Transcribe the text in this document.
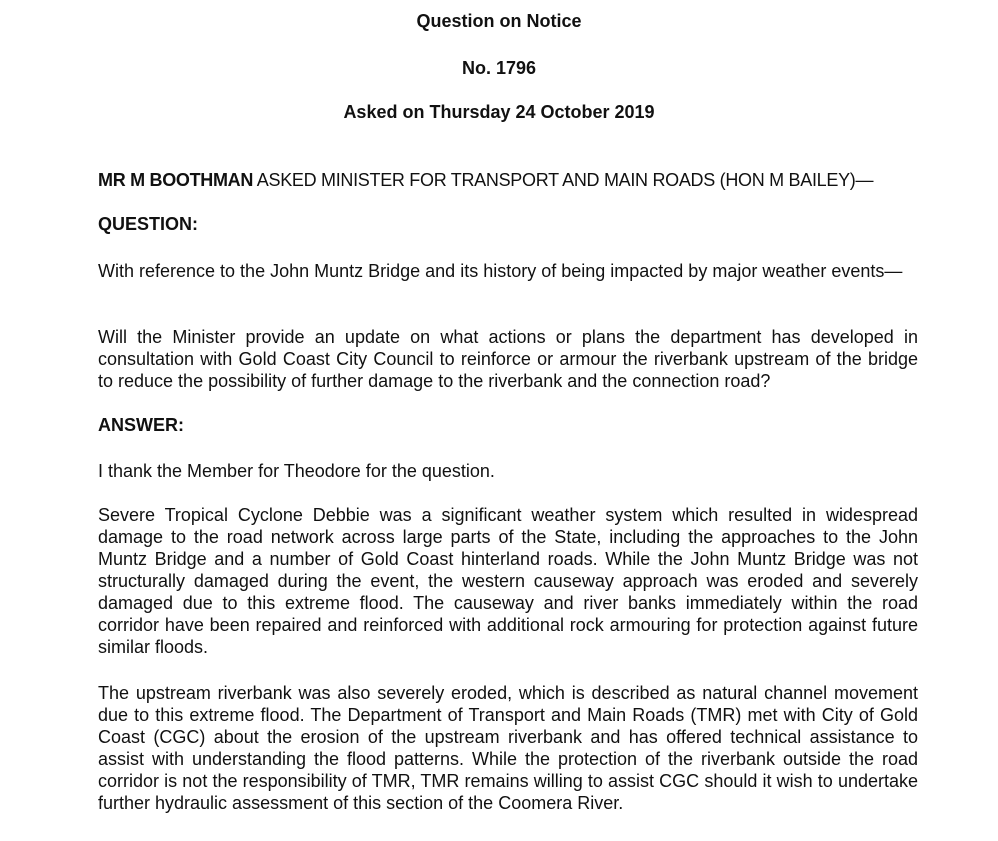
Question on Notice
No. 1796
Asked on Thursday 24 October 2019
MR M BOOTHMAN ASKED MINISTER FOR TRANSPORT AND MAIN ROADS (HON M BAILEY)—
QUESTION:
With reference to the John Muntz Bridge and its history of being impacted by major weather events—
Will the Minister provide an update on what actions or plans the department has developed in consultation with Gold Coast City Council to reinforce or armour the riverbank upstream of the bridge to reduce the possibility of further damage to the riverbank and the connection road?
ANSWER:
I thank the Member for Theodore for the question.
Severe Tropical Cyclone Debbie was a significant weather system which resulted in widespread damage to the road network across large parts of the State, including the approaches to the John Muntz Bridge and a number of Gold Coast hinterland roads. While the John Muntz Bridge was not structurally damaged during the event, the western causeway approach was eroded and severely damaged due to this extreme flood. The causeway and river banks immediately within the road corridor have been repaired and reinforced with additional rock armouring for protection against future similar floods.
The upstream riverbank was also severely eroded, which is described as natural channel movement due to this extreme flood. The Department of Transport and Main Roads (TMR) met with City of Gold Coast (CGC) about the erosion of the upstream riverbank and has offered technical assistance to assist with understanding the flood patterns. While the protection of the riverbank outside the road corridor is not the responsibility of TMR, TMR remains willing to assist CGC should it wish to undertake further hydraulic assessment of this section of the Coomera River.
